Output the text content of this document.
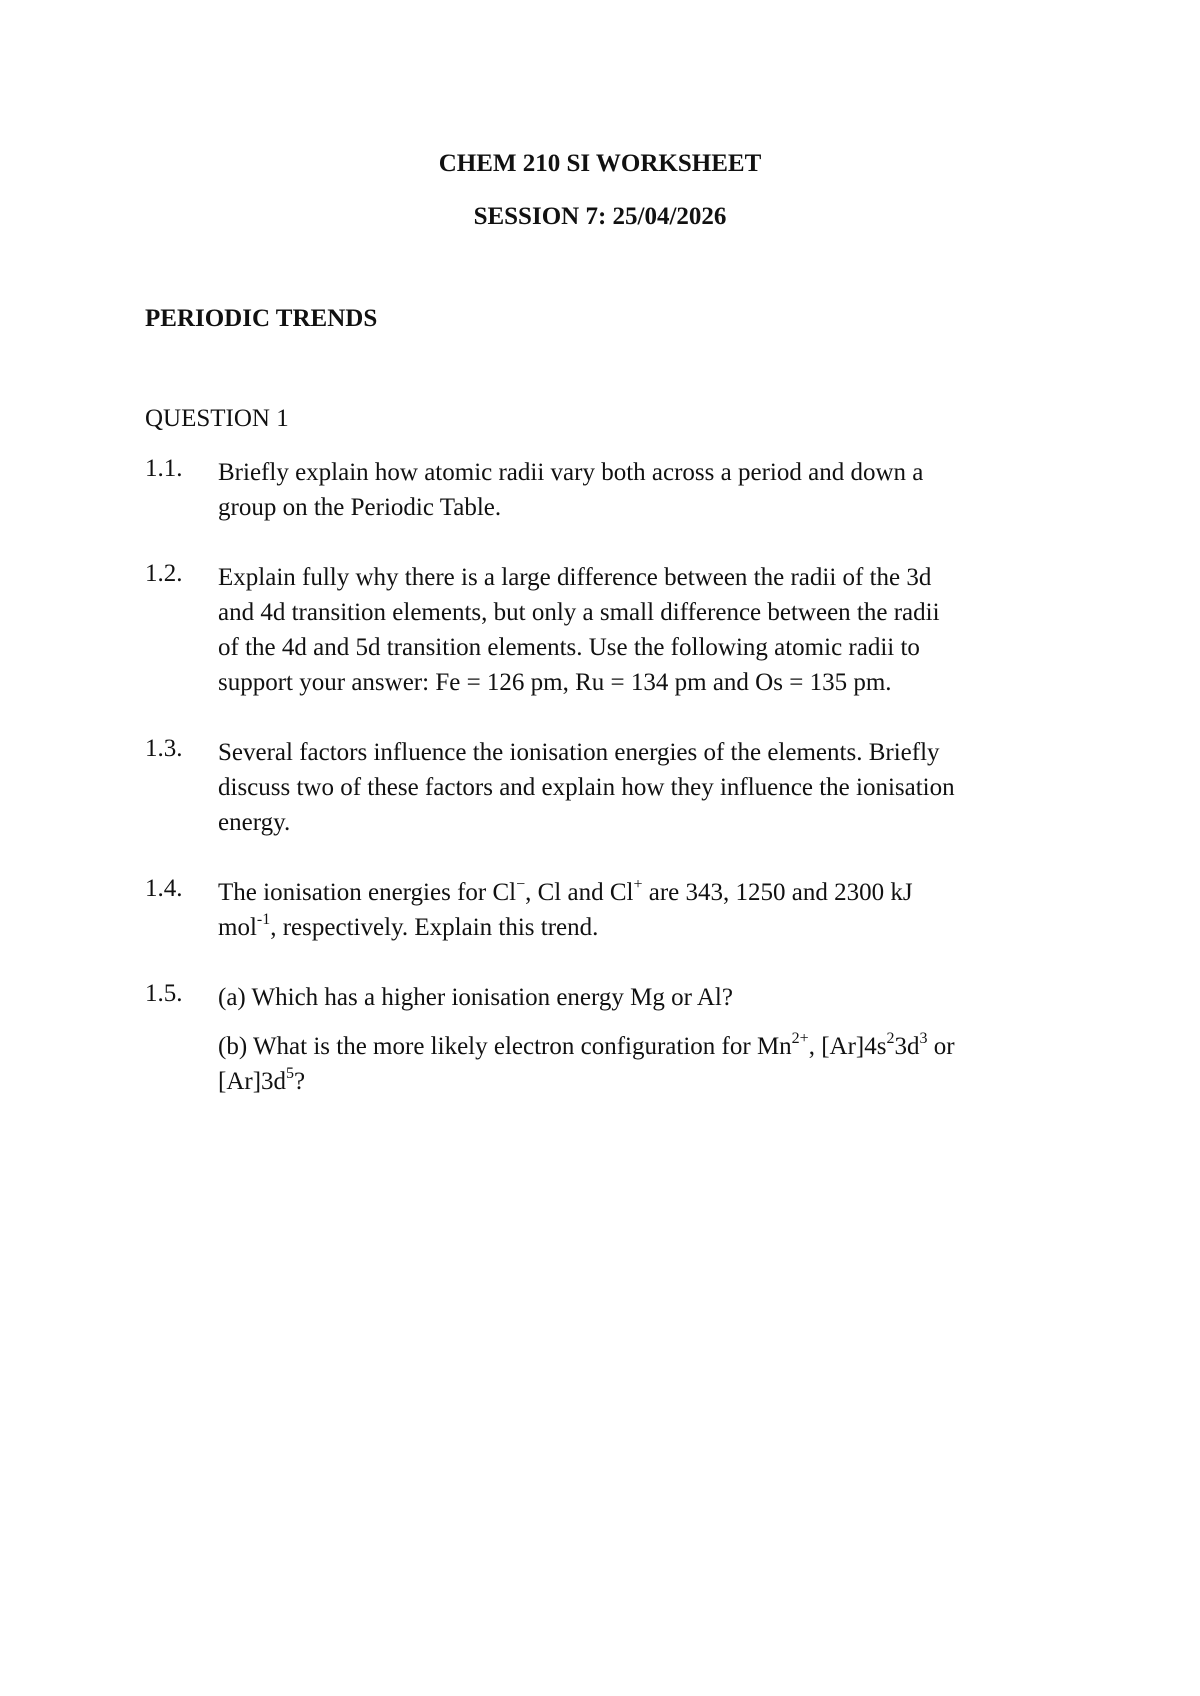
CHEM 210 SI WORKSHEET
SESSION 7: 25/04/2026
PERIODIC TRENDS
QUESTION 1
1.1.	Briefly explain how atomic radii vary both across a period and down a
group on the Periodic Table.
1.2.	Explain fully why there is a large difference between the radii of the 3d
and 4d transition elements, but only a small difference between the radii
of the 4d and 5d transition elements. Use the following atomic radii to
support your answer: Fe = 126 pm, Ru = 134 pm and Os = 135 pm.
1.3.	Several factors influence the ionisation energies of the elements. Briefly
discuss two of these factors and explain how they influence the ionisation
energy.
1.4.	The ionisation energies for Cl−, Cl and Cl+ are 343, 1250 and 2300 kJ
mol$^{-1}$, respectively. Explain this trend.
1.5.	(a) Which has a higher ionisation energy Mg or Al?
(b) What is the more likely electron configuration for $Mn^{2+}$, $[Ar]4s^23d^3$ or
$[Ar]3d^5$?
